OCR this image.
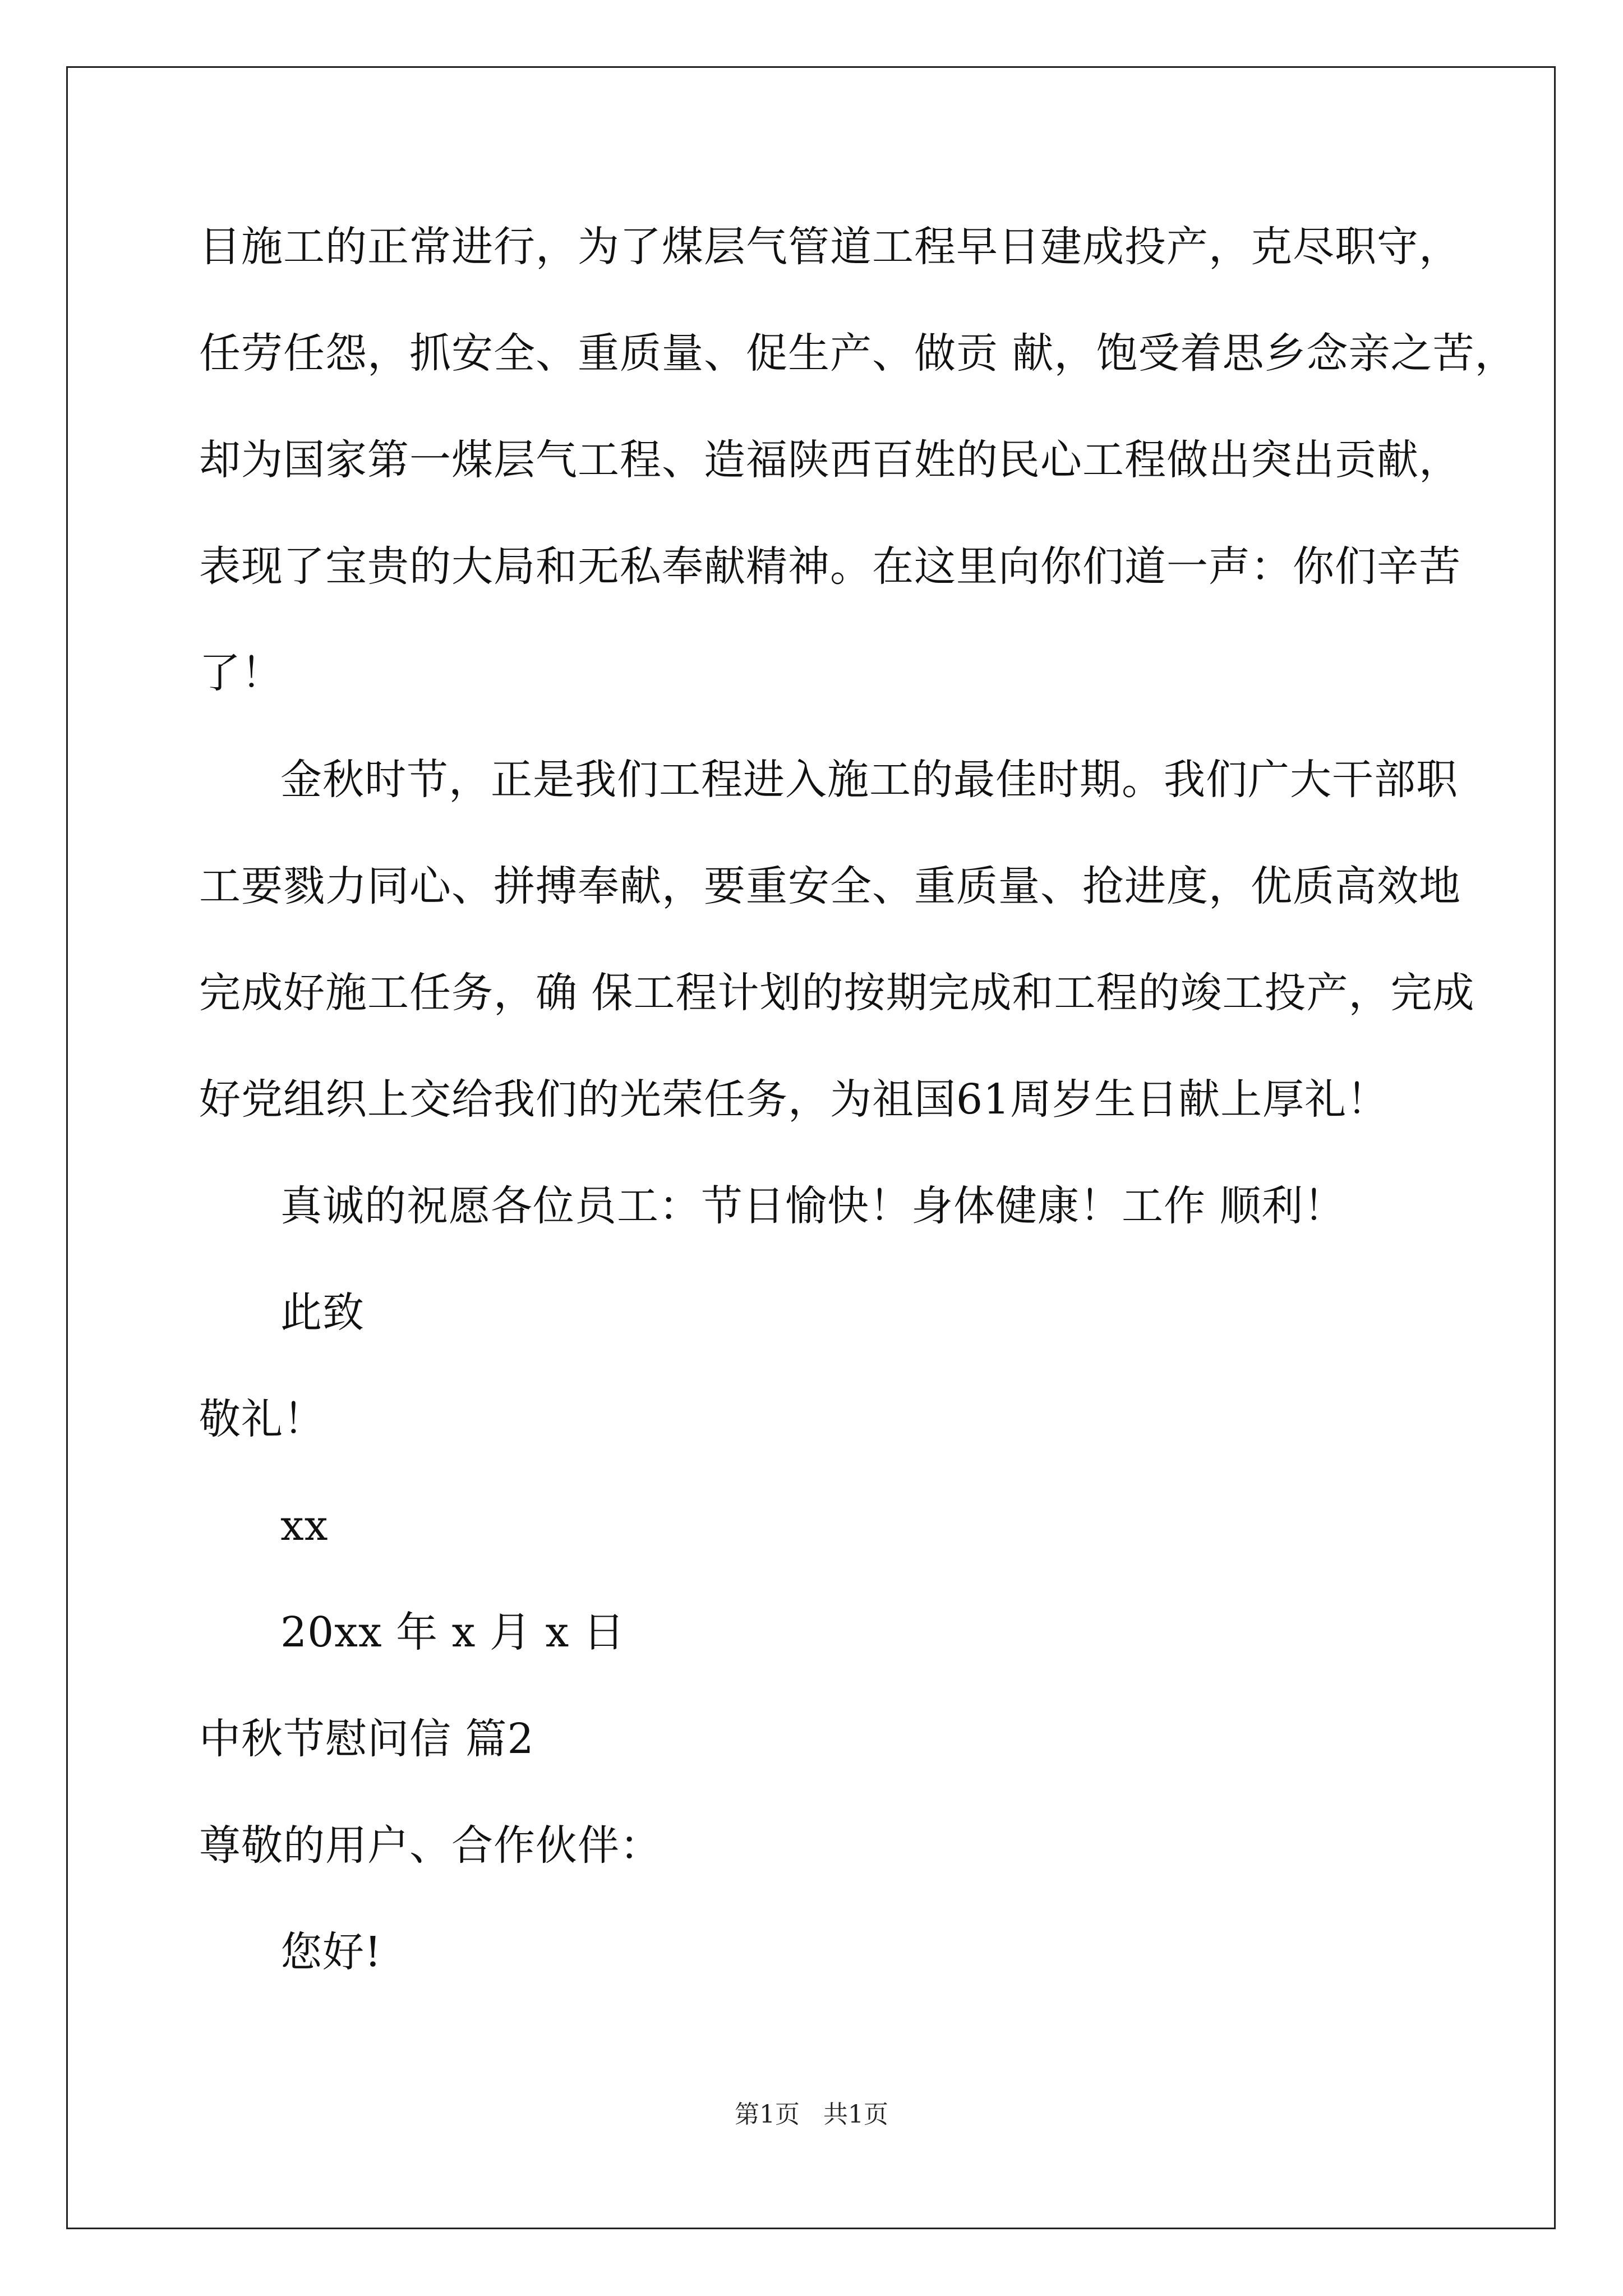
目施工的正常进行，为了煤层气管道工程早日建成投产，克尽职守，
任劳任怨，抓安全、重质量、促生产、做贡 献，饱受着思乡念亲之苦，
却为国家第一煤层气工程、造福陕西百姓的民心工程做出突出贡献，
表现了宝贵的大局和无私奉献精神。在这里向你们道一声：你们辛苦
了！
金秋时节，正是我们工程进入施工的最佳时期。我们广大干部职
工要戮力同心、拼搏奉献，要重安全、重质量、抢进度，优质高效地
完成好施工任务，确 保工程计划的按期完成和工程的竣工投产，完成
好党组织上交给我们的光荣任务，为祖国61周岁生日献上厚礼！
真诚的祝愿各位员工：节日愉快！身体健康！工作 顺利！
此致
敬礼！
xx
20xx 年 x 月 x 日
中秋节慰问信 篇2
尊敬的用户、合作伙伴：
您好!
第1页   共1页
